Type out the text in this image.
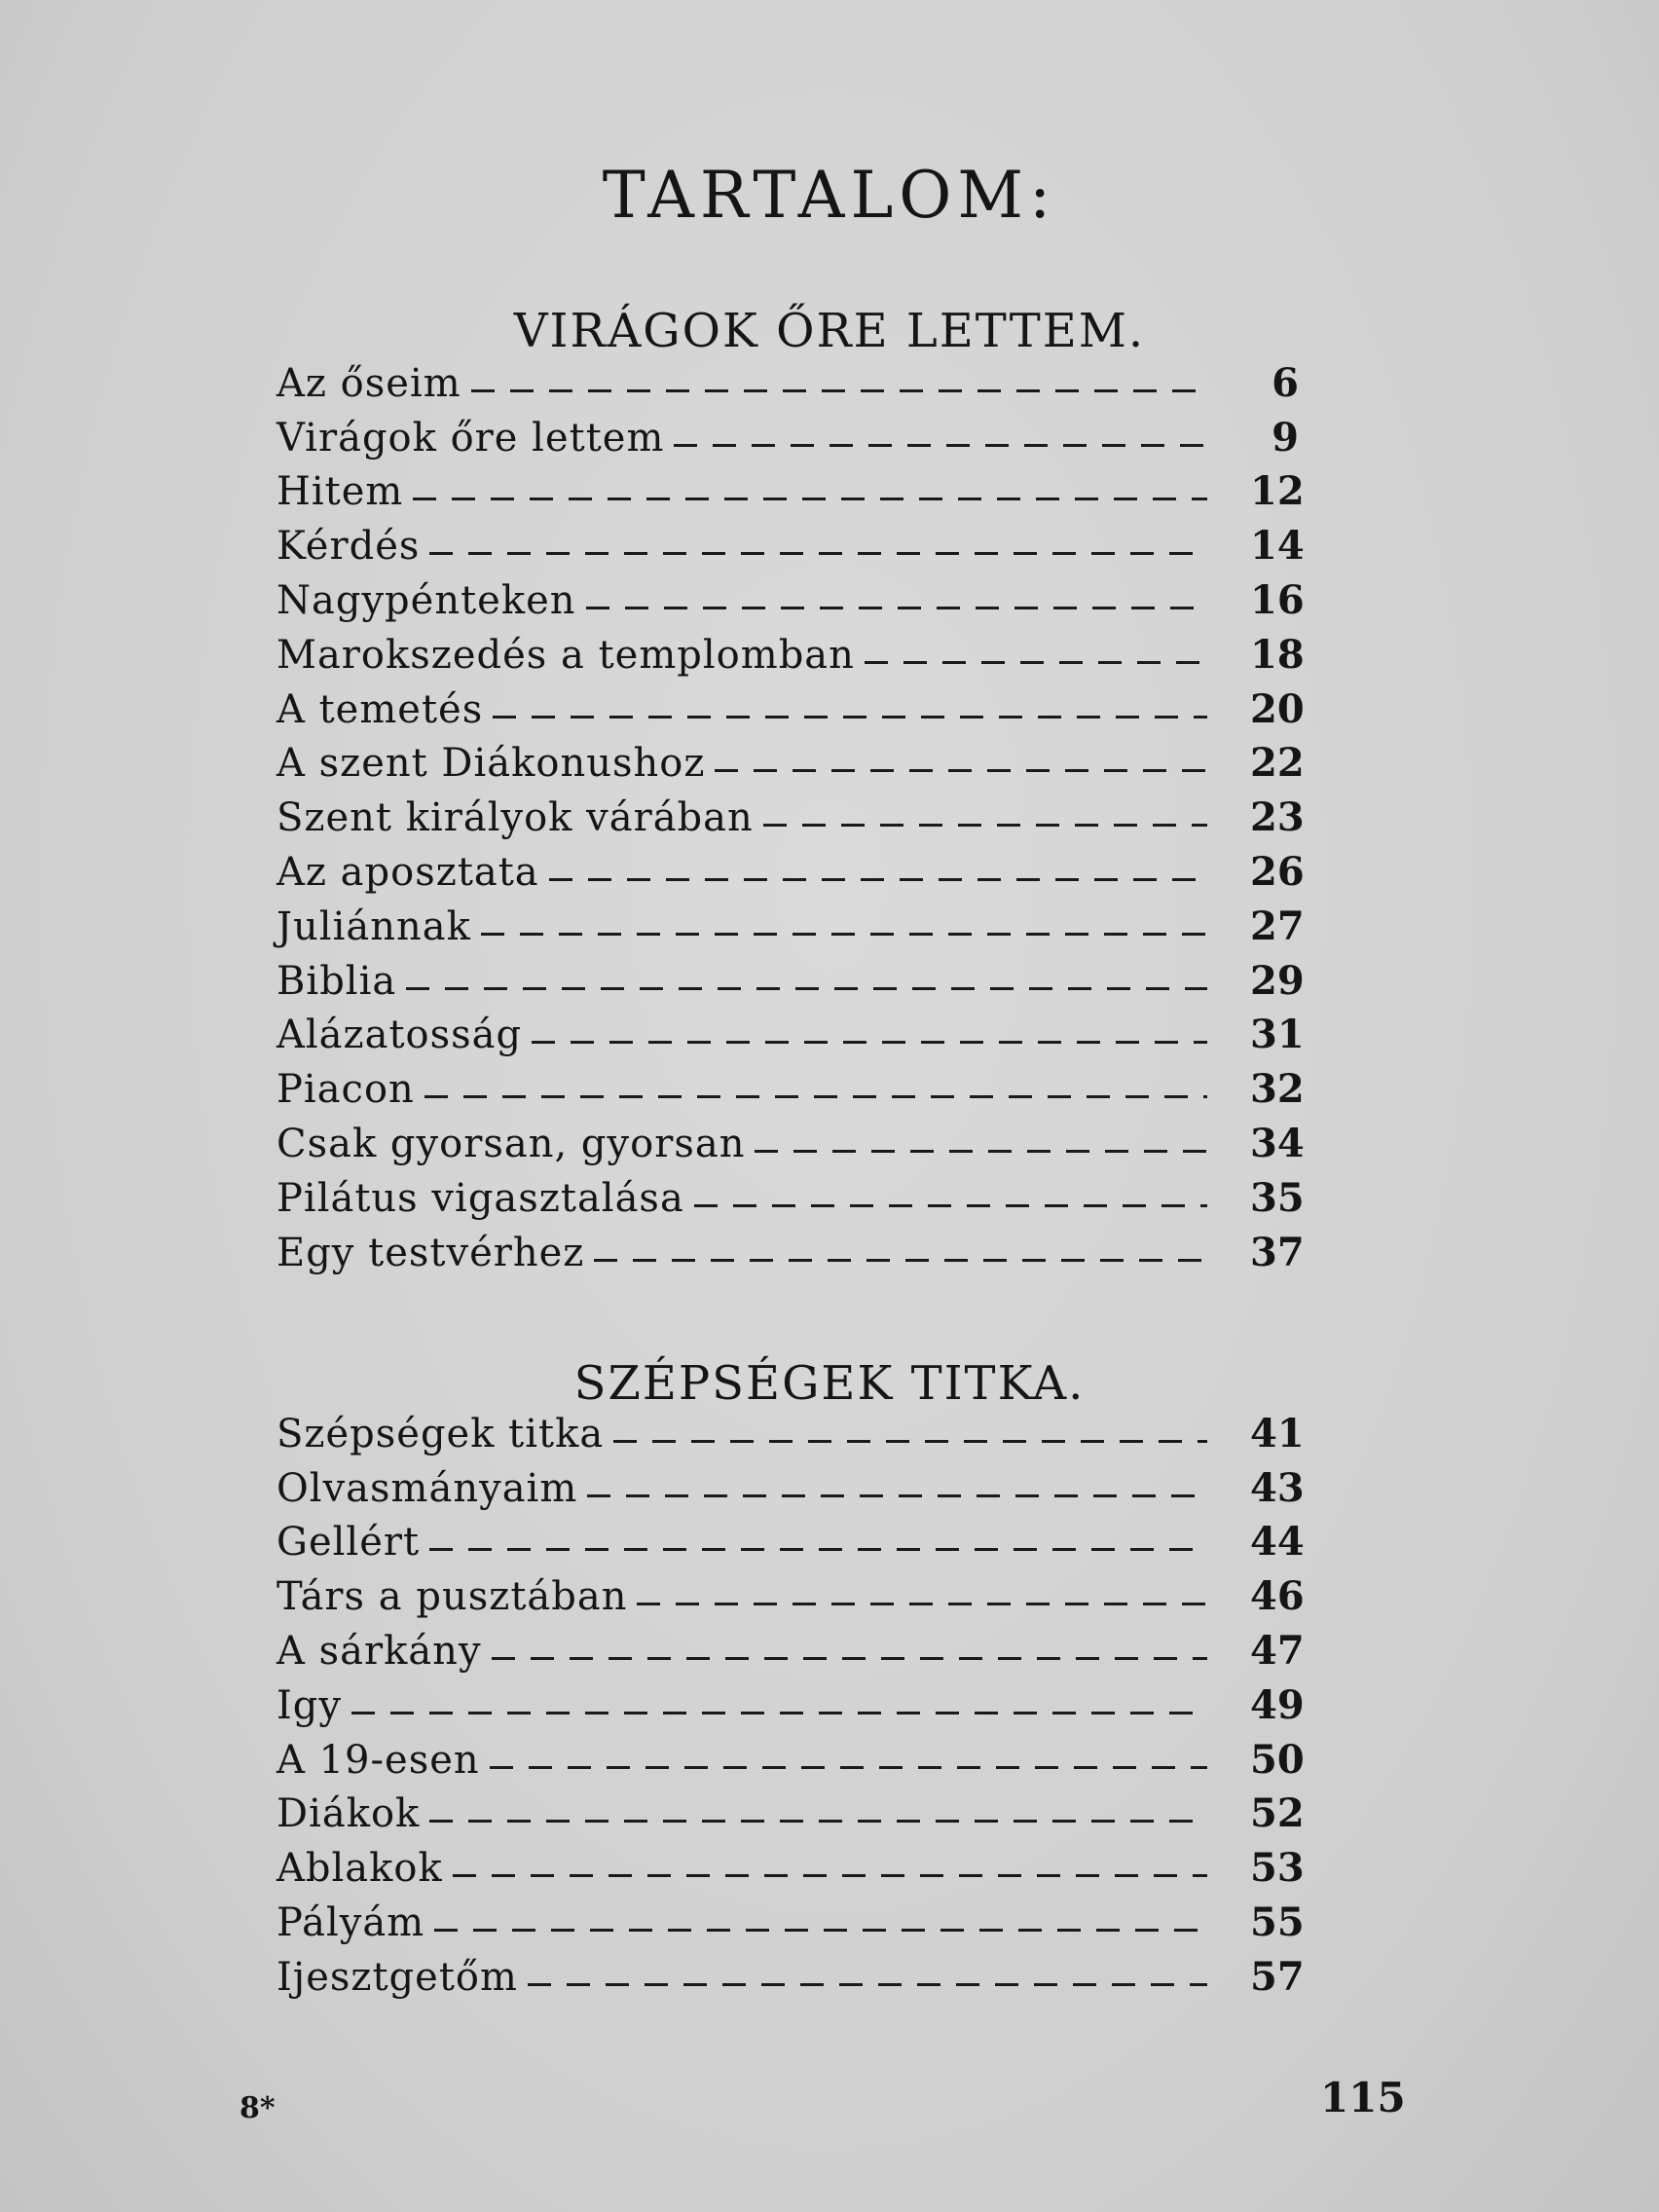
TARTALOM:
VIRÁGOK ŐRE LETTEM.
Az őseim	6
Virágok őre lettem	9
Hitem	12
Kérdés	14
Nagypénteken	16
Marokszedés a templomban	18
A temetés	20
A szent Diákonushoz	22
Szent királyok várában	23
Az aposztata	26
Juliánnak	27
Biblia	29
Alázatosság	31
Piacon	32
Csak gyorsan, gyorsan	34
Pilátus vigasztalása	35
Egy testvérhez	37
SZÉPSÉGEK TITKA.
Szépségek titka	41
Olvasmányaim	43
Gellért	44
Társ a pusztában	46
A sárkány	47
Igy	49
A 19-esen	50
Diákok	52
Ablakok	53
Pályám	55
Ijesztgetőm	57
8*	115
